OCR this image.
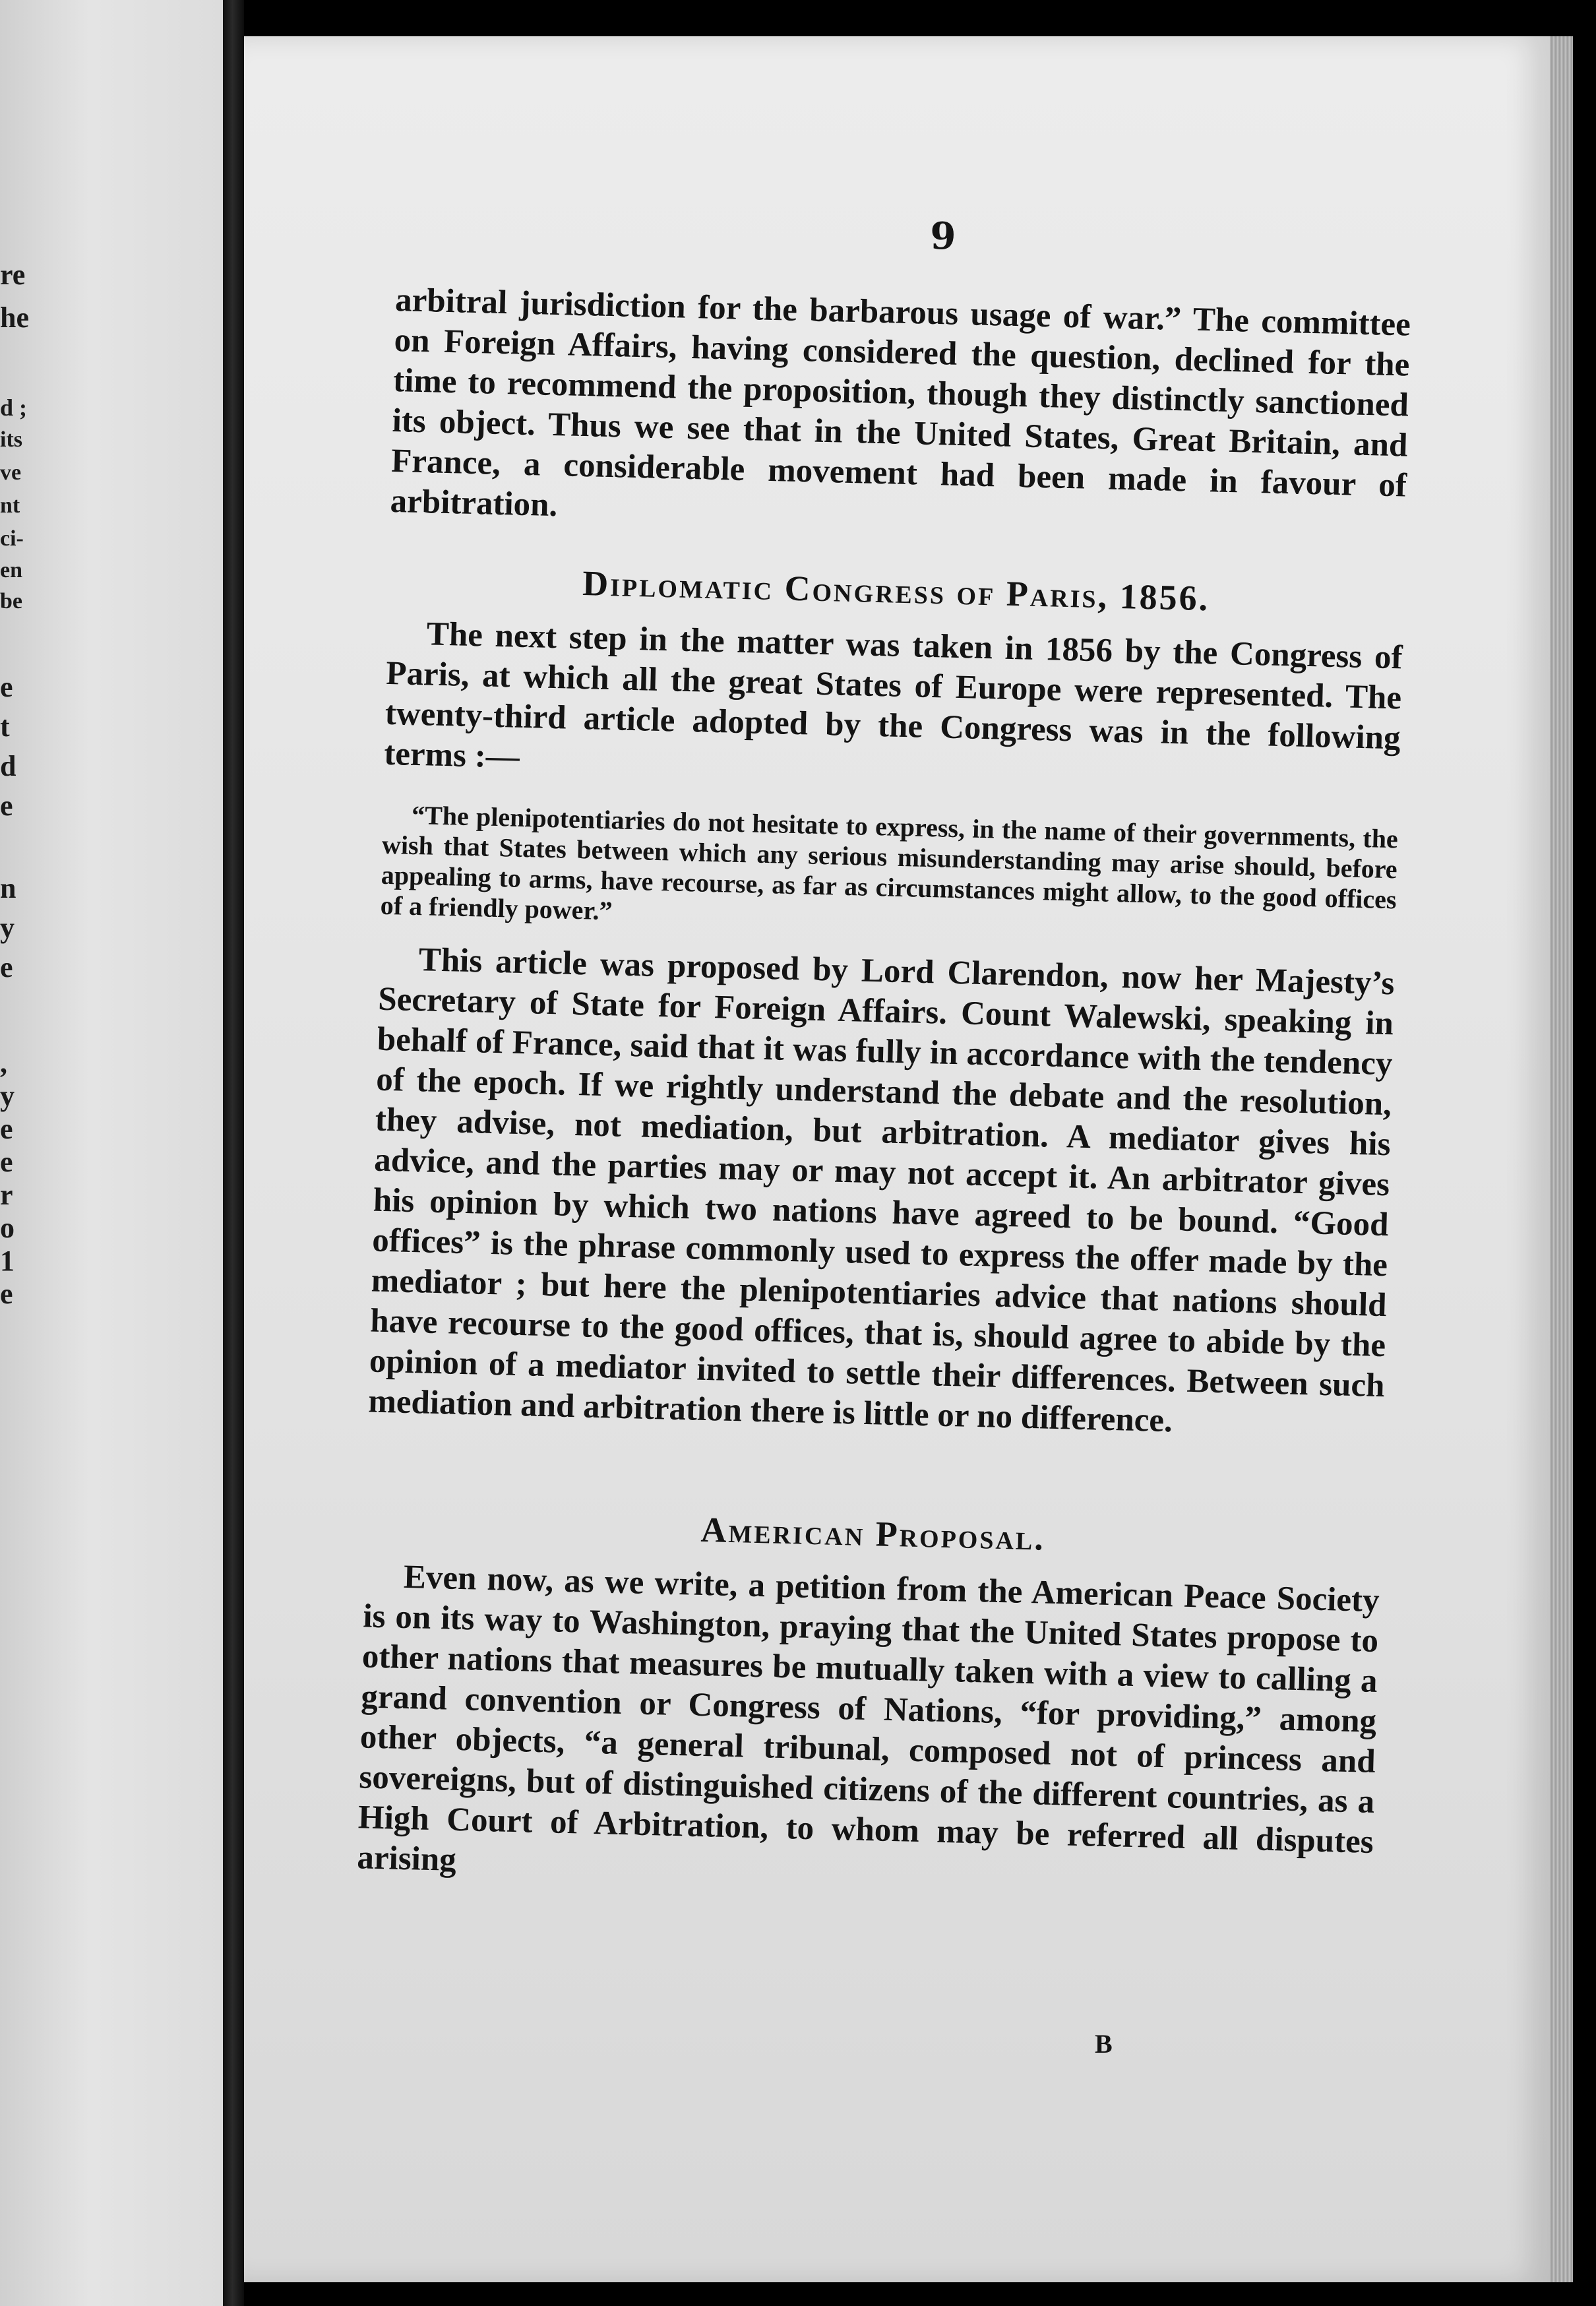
re
he
d ;
its
ve
nt
ci-
en
be
e
t
d
e
n
y
e
,
y
e
e
r
o
1
e
9

arbitral jurisdiction for the barbarous usage of war.” The committee on Foreign Affairs, having considered the question, declined for the time to recommend the proposition, though they distinctly sanctioned its object. Thus we see that in the United States, Great Britain, and France, a considerable movement had been made in favour of arbitration.

Diplomatic Congress of Paris, 1856.

The next step in the matter was taken in 1856 by the Congress of Paris, at which all the great States of Europe were represented. The twenty-third article adopted by the Congress was in the following terms :—

“The plenipotentiaries do not hesitate to express, in the name of their governments, the wish that States between which any serious misunderstanding may arise should, before appealing to arms, have recourse, as far as circumstances might allow, to the good offices of a friendly power.”

This article was proposed by Lord Clarendon, now her Majesty’s Secretary of State for Foreign Affairs. Count Walewski, speaking in behalf of France, said that it was fully in accordance with the tendency of the epoch. If we rightly understand the debate and the resolution, they advise, not mediation, but arbitration. A mediator gives his advice, and the parties may or may not accept it. An arbitrator gives his opinion by which two nations have agreed to be bound. “Good offices” is the phrase commonly used to express the offer made by the mediator ; but here the plenipotentiaries advice that nations should have recourse to the good offices, that is, should agree to abide by the opinion of a mediator invited to settle their differences. Between such mediation and arbitration there is little or no difference.

American Proposal.

Even now, as we write, a petition from the American Peace Society is on its way to Washington, praying that the United States propose to other nations that measures be mutually taken with a view to calling a grand convention or Congress of Nations, “for providing,” among other objects, “a general tribunal, composed not of princess and sovereigns, but of distinguished citizens of the different countries, as a High Court of Arbitration, to whom may be referred all disputes arising

B
